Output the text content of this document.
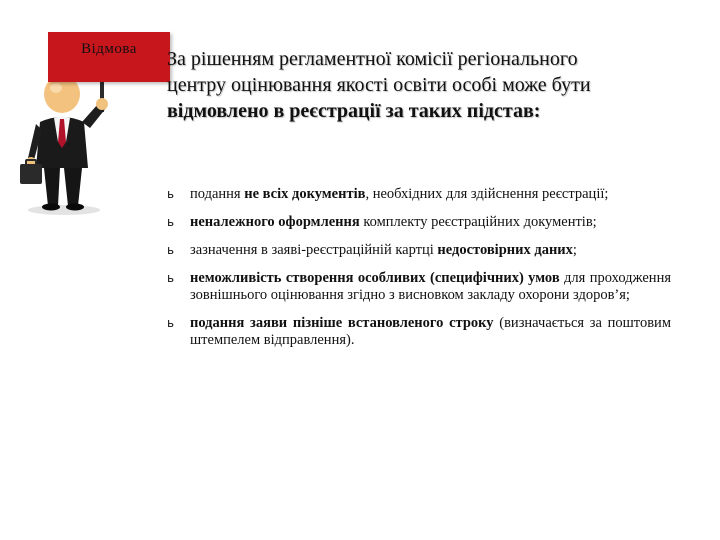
Відмова	За рішенням регламентної комісії регіонального
центру оцінювання якості освіти особі може бути
відмовлено в реєстрації за таких підстав:
ь подання не всіх документів, необхідних для здійснення реєстрації;
ь неналежного оформлення комплекту реєстраційних документів;
ь зазначення в заяві-реєстраційній картці недостовірних даних;
ь неможливість створення особливих (специфічних) умов для проходження зовнішнього оцінювання згідно з висновком закладу охорони здоров’я;
ь подання заяви пізніше встановленого строку (визначається за поштовим штемпелем відправлення).
